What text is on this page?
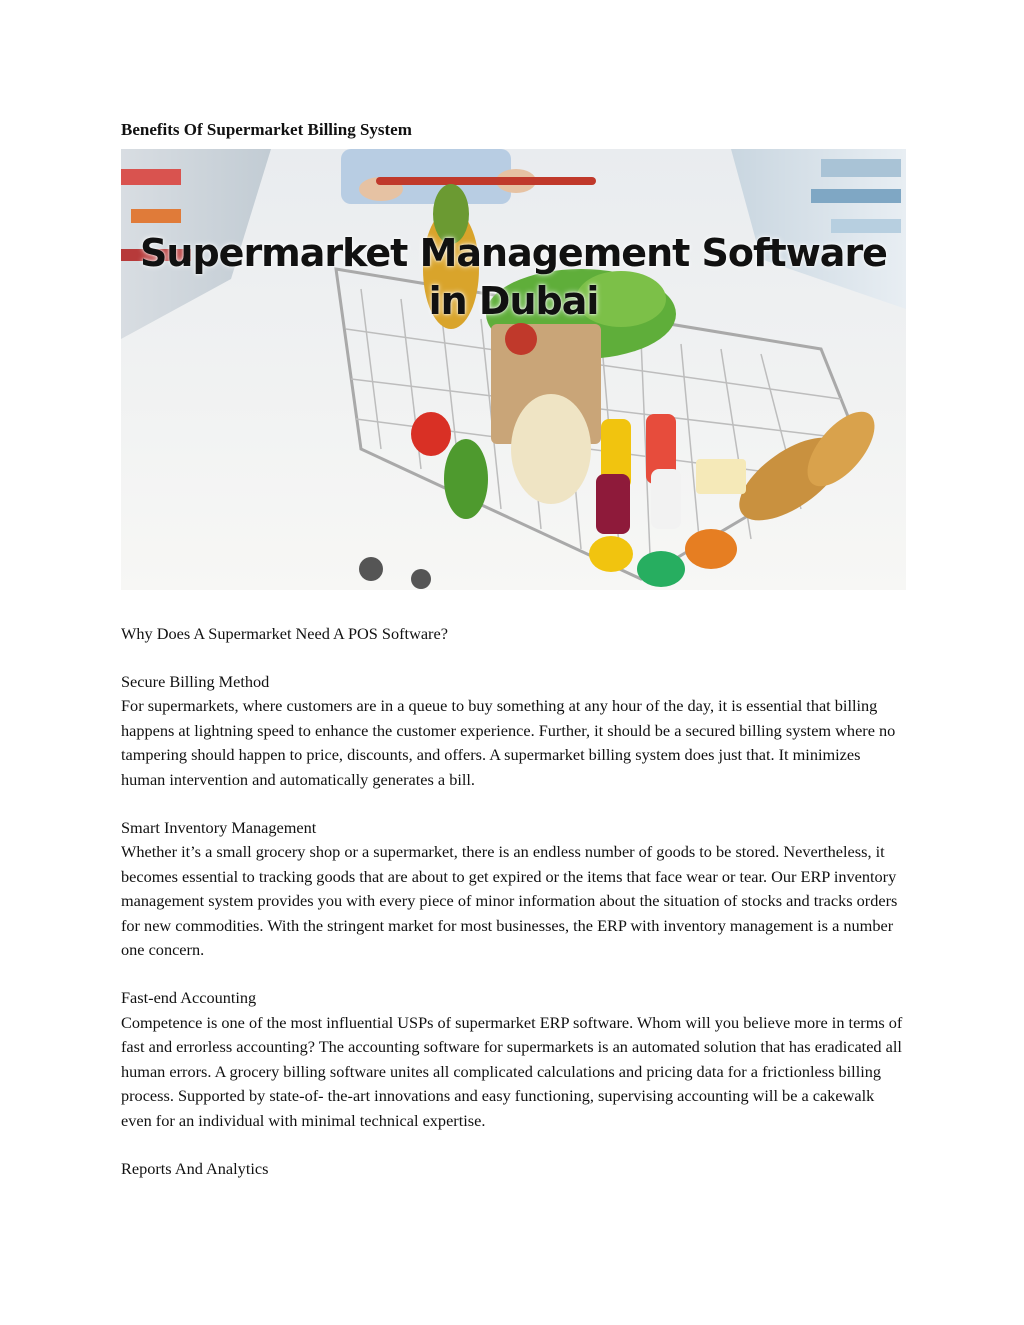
Benefits Of Supermarket Billing System
Supermarket Management Software
in Dubai
Why Does A Supermarket Need A POS Software?

Secure Billing Method

For supermarkets, where customers are in a queue to buy something at any hour of the day, it is essential that billing happens at lightning speed to enhance the customer experience. Further, it should be a secured billing system where no tampering should happen to price, discounts, and offers. A supermarket billing system does just that. It minimizes human intervention and automatically generates a bill.

Smart Inventory Management

Whether it’s a small grocery shop or a supermarket, there is an endless number of goods to be stored. Nevertheless, it becomes essential to tracking goods that are about to get expired or the items that face wear or tear. Our ERP inventory management system provides you with every piece of minor information about the situation of stocks and tracks orders for new commodities. With the stringent market for most businesses, the ERP with inventory management is a number one concern.

Fast-end Accounting

Competence is one of the most influential USPs of supermarket ERP software. Whom will you believe more in terms of fast and errorless accounting? The accounting software for supermarkets is an automated solution that has eradicated all human errors. A grocery billing software unites all complicated calculations and pricing data for a frictionless billing process. Supported by state-of- the-art innovations and easy functioning, supervising accounting will be a cakewalk even for an individual with minimal technical expertise.

Reports And Analytics
